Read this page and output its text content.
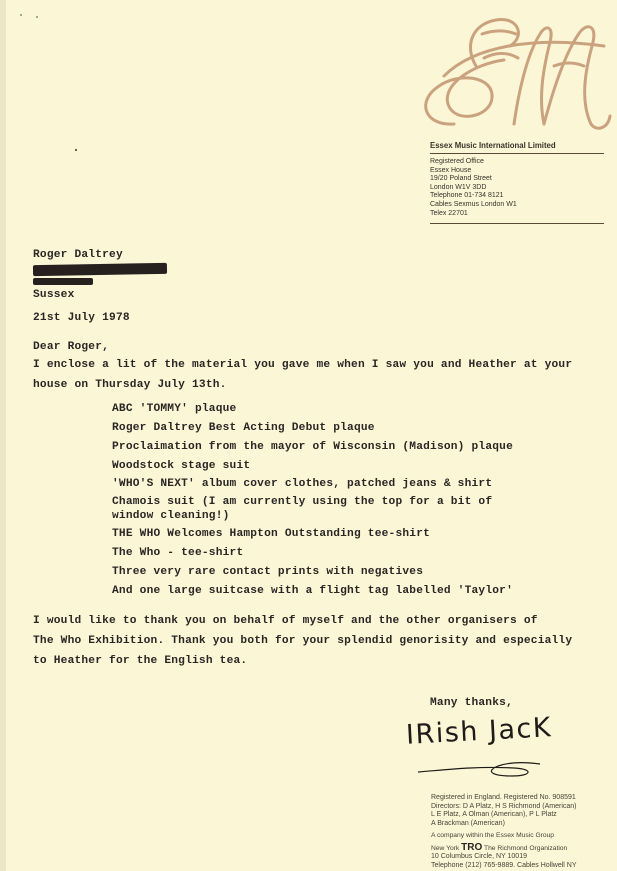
EM
Essex Music International Limited
Registered Office
Essex House
19/20 Poland Street
London W1V 3DD
Telephone 01-734 8121
Cables Sexmus London W1
Telex 22701
Roger Daltrey
Sussex
21st July 1978
Dear Roger,
I enclose a lit of the material you gave me when I saw you and Heather at your
house on Thursday July 13th.
ABC 'TOMMY' plaque
Roger Daltrey Best Acting Debut plaque
Proclaimation from the mayor of Wisconsin (Madison) plaque
Woodstock stage suit
'WHO'S NEXT' album cover clothes, patched jeans & shirt
Chamois suit (I am currently using the top for a bit of
window cleaning!)
THE WHO Welcomes Hampton Outstanding tee-shirt
The Who - tee-shirt
Three very rare contact prints with negatives
And one large suitcase with a flight tag labelled 'Taylor'
I would like to thank you on behalf of myself and the other organisers of
The Who Exhibition. Thank you both for your splendid genorisity and especially
to Heather for the English tea.
Many thanks,
IRish JacK
Registered in England. Registered No. 908591
Directors: D A Platz, H S Richmond (American)
L E Platz, A Olman (American), P L Platz
A Brackman (American)
A company within the Essex Music Group
New York TRO The Richmond Organization
10 Columbus Circle, NY 10019
Telephone (212) 765-9889. Cables Hollwell NY
